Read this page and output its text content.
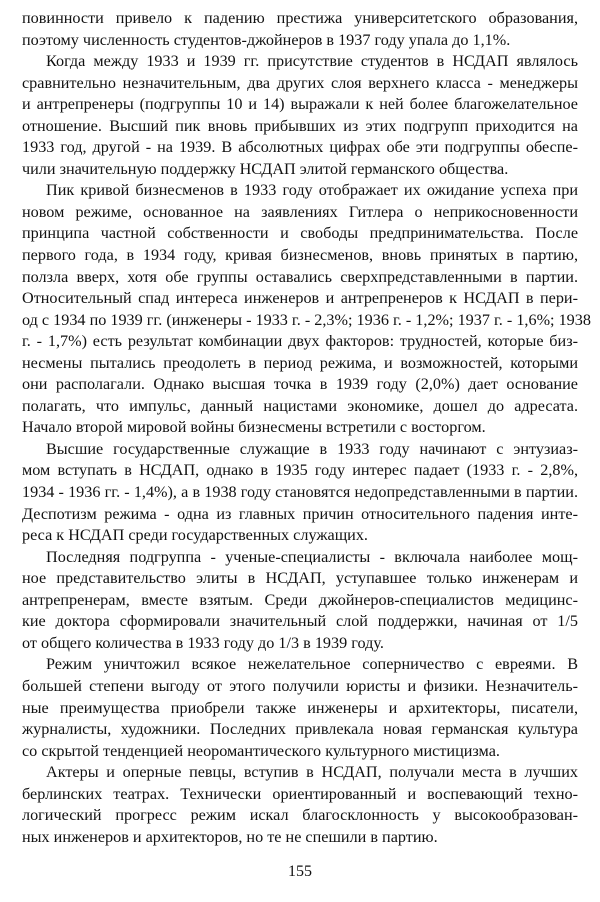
повинности привело к падению престижа университетского образования,
поэтому численность студентов-джойнеров в 1937 году упала до 1,1%.
Когда между 1933 и 1939 гг. присутствие студентов в НСДАП являлось
сравнительно незначительным, два других слоя верхнего класса - менеджеры
и антрепренеры (подгруппы 10 и 14) выражали к ней более благожелательное
отношение. Высший пик вновь прибывших из этих подгрупп приходится на
1933 год, другой - на 1939. В абсолютных цифрах обе эти подгруппы обеспе-
чили значительную поддержку НСДАП элитой германского общества.
Пик кривой бизнесменов в 1933 году отображает их ожидание успеха при
новом режиме, основанное на заявлениях Гитлера о неприкосновенности
принципа частной собственности и свободы предпринимательства. После
первого года, в 1934 году, кривая бизнесменов, вновь принятых в партию,
ползла вверх, хотя обе группы оставались сверхпредставленными в партии.
Относительный спад интереса инженеров и антрепренеров к НСДАП в пери-
од с 1934 по 1939 гг. (инженеры - 1933 г. - 2,3%; 1936 г. - 1,2%; 1937 г. - 1,6%; 1938
г. - 1,7%) есть результат комбинации двух факторов: трудностей, которые биз-
несмены пытались преодолеть в период режима, и возможностей, которыми
они располагали. Однако высшая точка в 1939 году (2,0%) дает основание
полагать, что импульс, данный нацистами экономике, дошел до адресата.
Начало второй мировой войны бизнесмены встретили с восторгом.
Высшие государственные служащие в 1933 году начинают с энтузиаз-
мом вступать в НСДАП, однако в 1935 году интерес падает (1933 г. - 2,8%,
1934 - 1936 гг. - 1,4%), а в 1938 году становятся недопредставленными в партии.
Деспотизм режима - одна из главных причин относительного падения инте-
реса к НСДАП среди государственных служащих.
Последняя подгруппа - ученые-специалисты - включала наиболее мощ-
ное представительство элиты в НСДАП, уступавшее только инженерам и
антрепренерам, вместе взятым. Среди джойнеров-специалистов медицинс-
кие доктора сформировали значительный слой поддержки, начиная от 1/5
от общего количества в 1933 году до 1/3 в 1939 году.
Режим уничтожил всякое нежелательное соперничество с евреями. В
большей степени выгоду от этого получили юристы и физики. Незначитель-
ные преимущества приобрели также инженеры и архитекторы, писатели,
журналисты, художники. Последних привлекала новая германская культура
со скрытой тенденцией неоромантического культурного мистицизма.
Актеры и оперные певцы, вступив в НСДАП, получали места в лучших
берлинских театрах. Технически ориентированный и воспевающий техно-
логический прогресс режим искал благосклонность у высокообразован-
ных инженеров и архитекторов, но те не спешили в партию.
155
